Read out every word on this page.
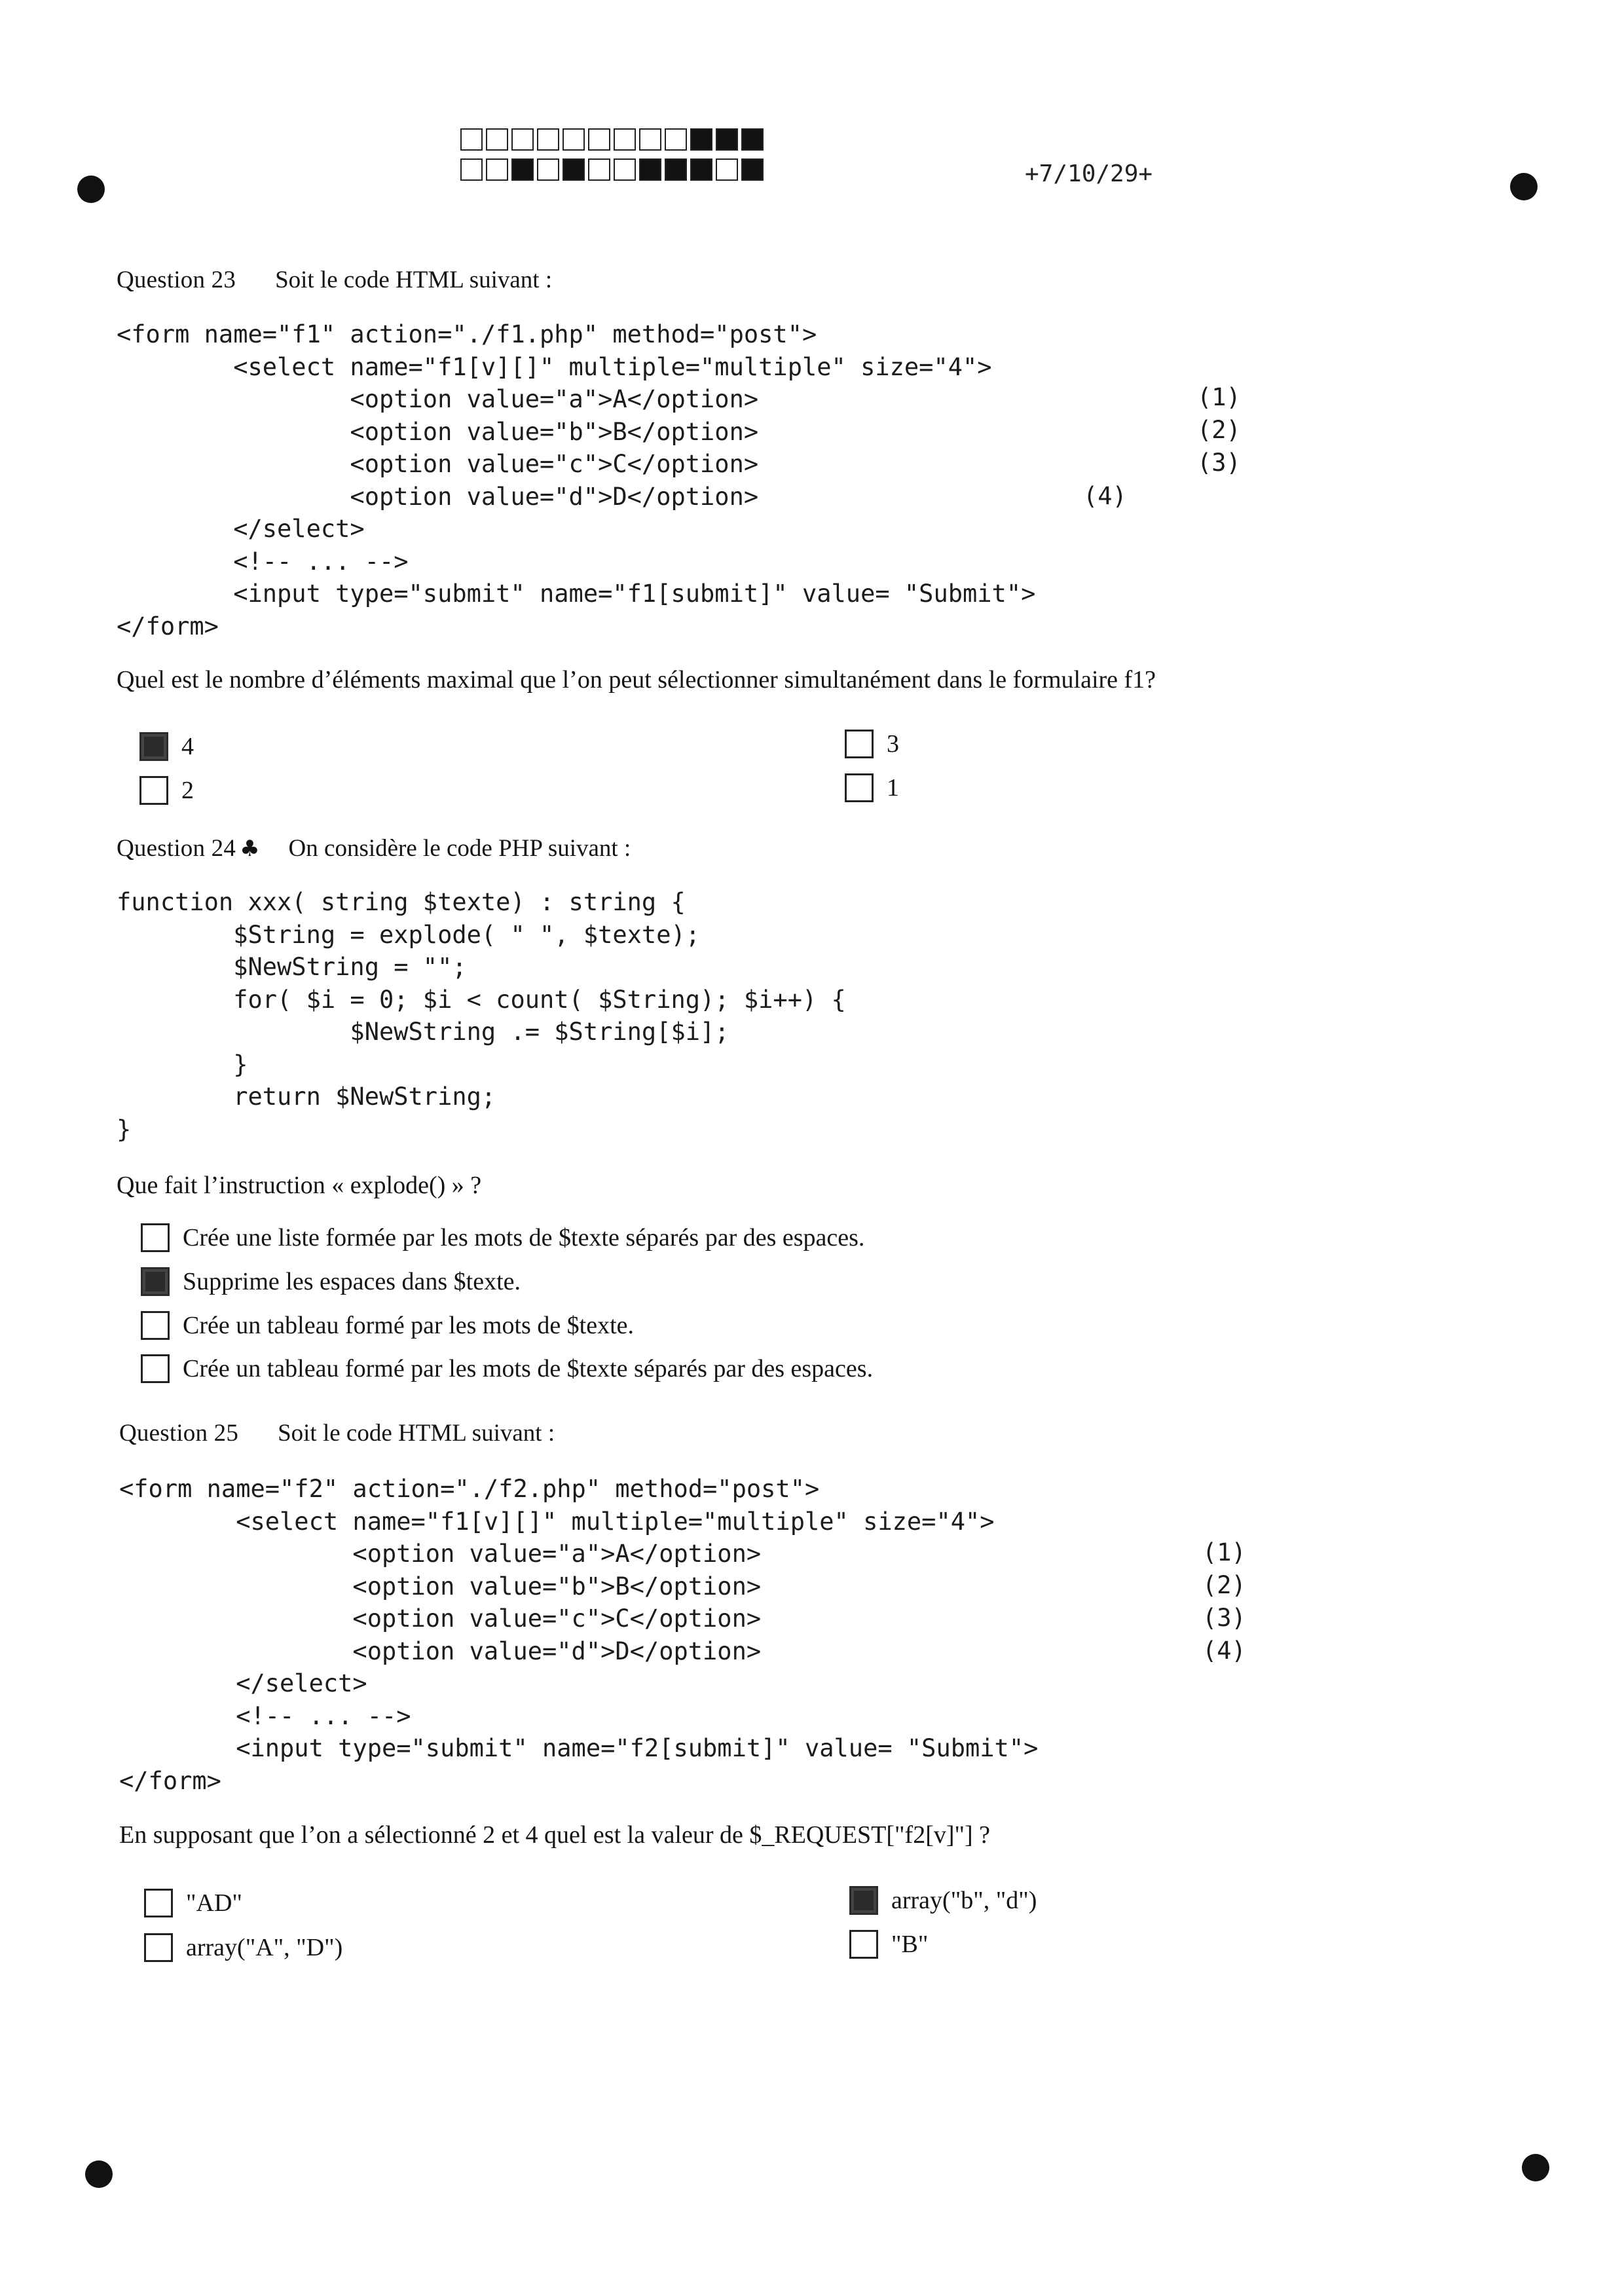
+7/10/29+
Question 23 Soit le code HTML suivant :
<form name="f1" action="./f1.php" method="post">
<select name="f1[v][]" multiple="multiple" size="4">
<option value="a">A</option>
<option value="b">B</option>
<option value="c">C</option>
<option value="d">D</option>
</select>
<!-- ... -->
<input type="submit" name="f1[submit]" value= "Submit">
</form>
(1)
(2)
(3)
(4)
Quel est le nombre d’éléments maximal que l’on peut sélectionner simultanément dans le formulaire f1?
4
2
3
1
Question 24 ♣ On considère le code PHP suivant :
function xxx( string $texte) : string {
$String = explode( " ", $texte);
$NewString = "";
for( $i = 0; $i < count( $String); $i++) {
$NewString .= $String[$i];
}
return $NewString;
}
Que fait l’instruction « explode() » ?
Crée une liste formée par les mots de $texte séparés par des espaces.
Supprime les espaces dans $texte.
Crée un tableau formé par les mots de $texte.
Crée un tableau formé par les mots de $texte séparés par des espaces.
Question 25 Soit le code HTML suivant :
<form name="f2" action="./f2.php" method="post">
<select name="f1[v][]" multiple="multiple" size="4">
<option value="a">A</option>
<option value="b">B</option>
<option value="c">C</option>
<option value="d">D</option>
</select>
<!-- ... -->
<input type="submit" name="f2[submit]" value= "Submit">
</form>
(1)
(2)
(3)
(4)
En supposant que l’on a sélectionné 2 et 4 quel est la valeur de $_REQUEST["f2[v]"] ?
"AD"
array("A", "D")
array("b", "d")
"B"
